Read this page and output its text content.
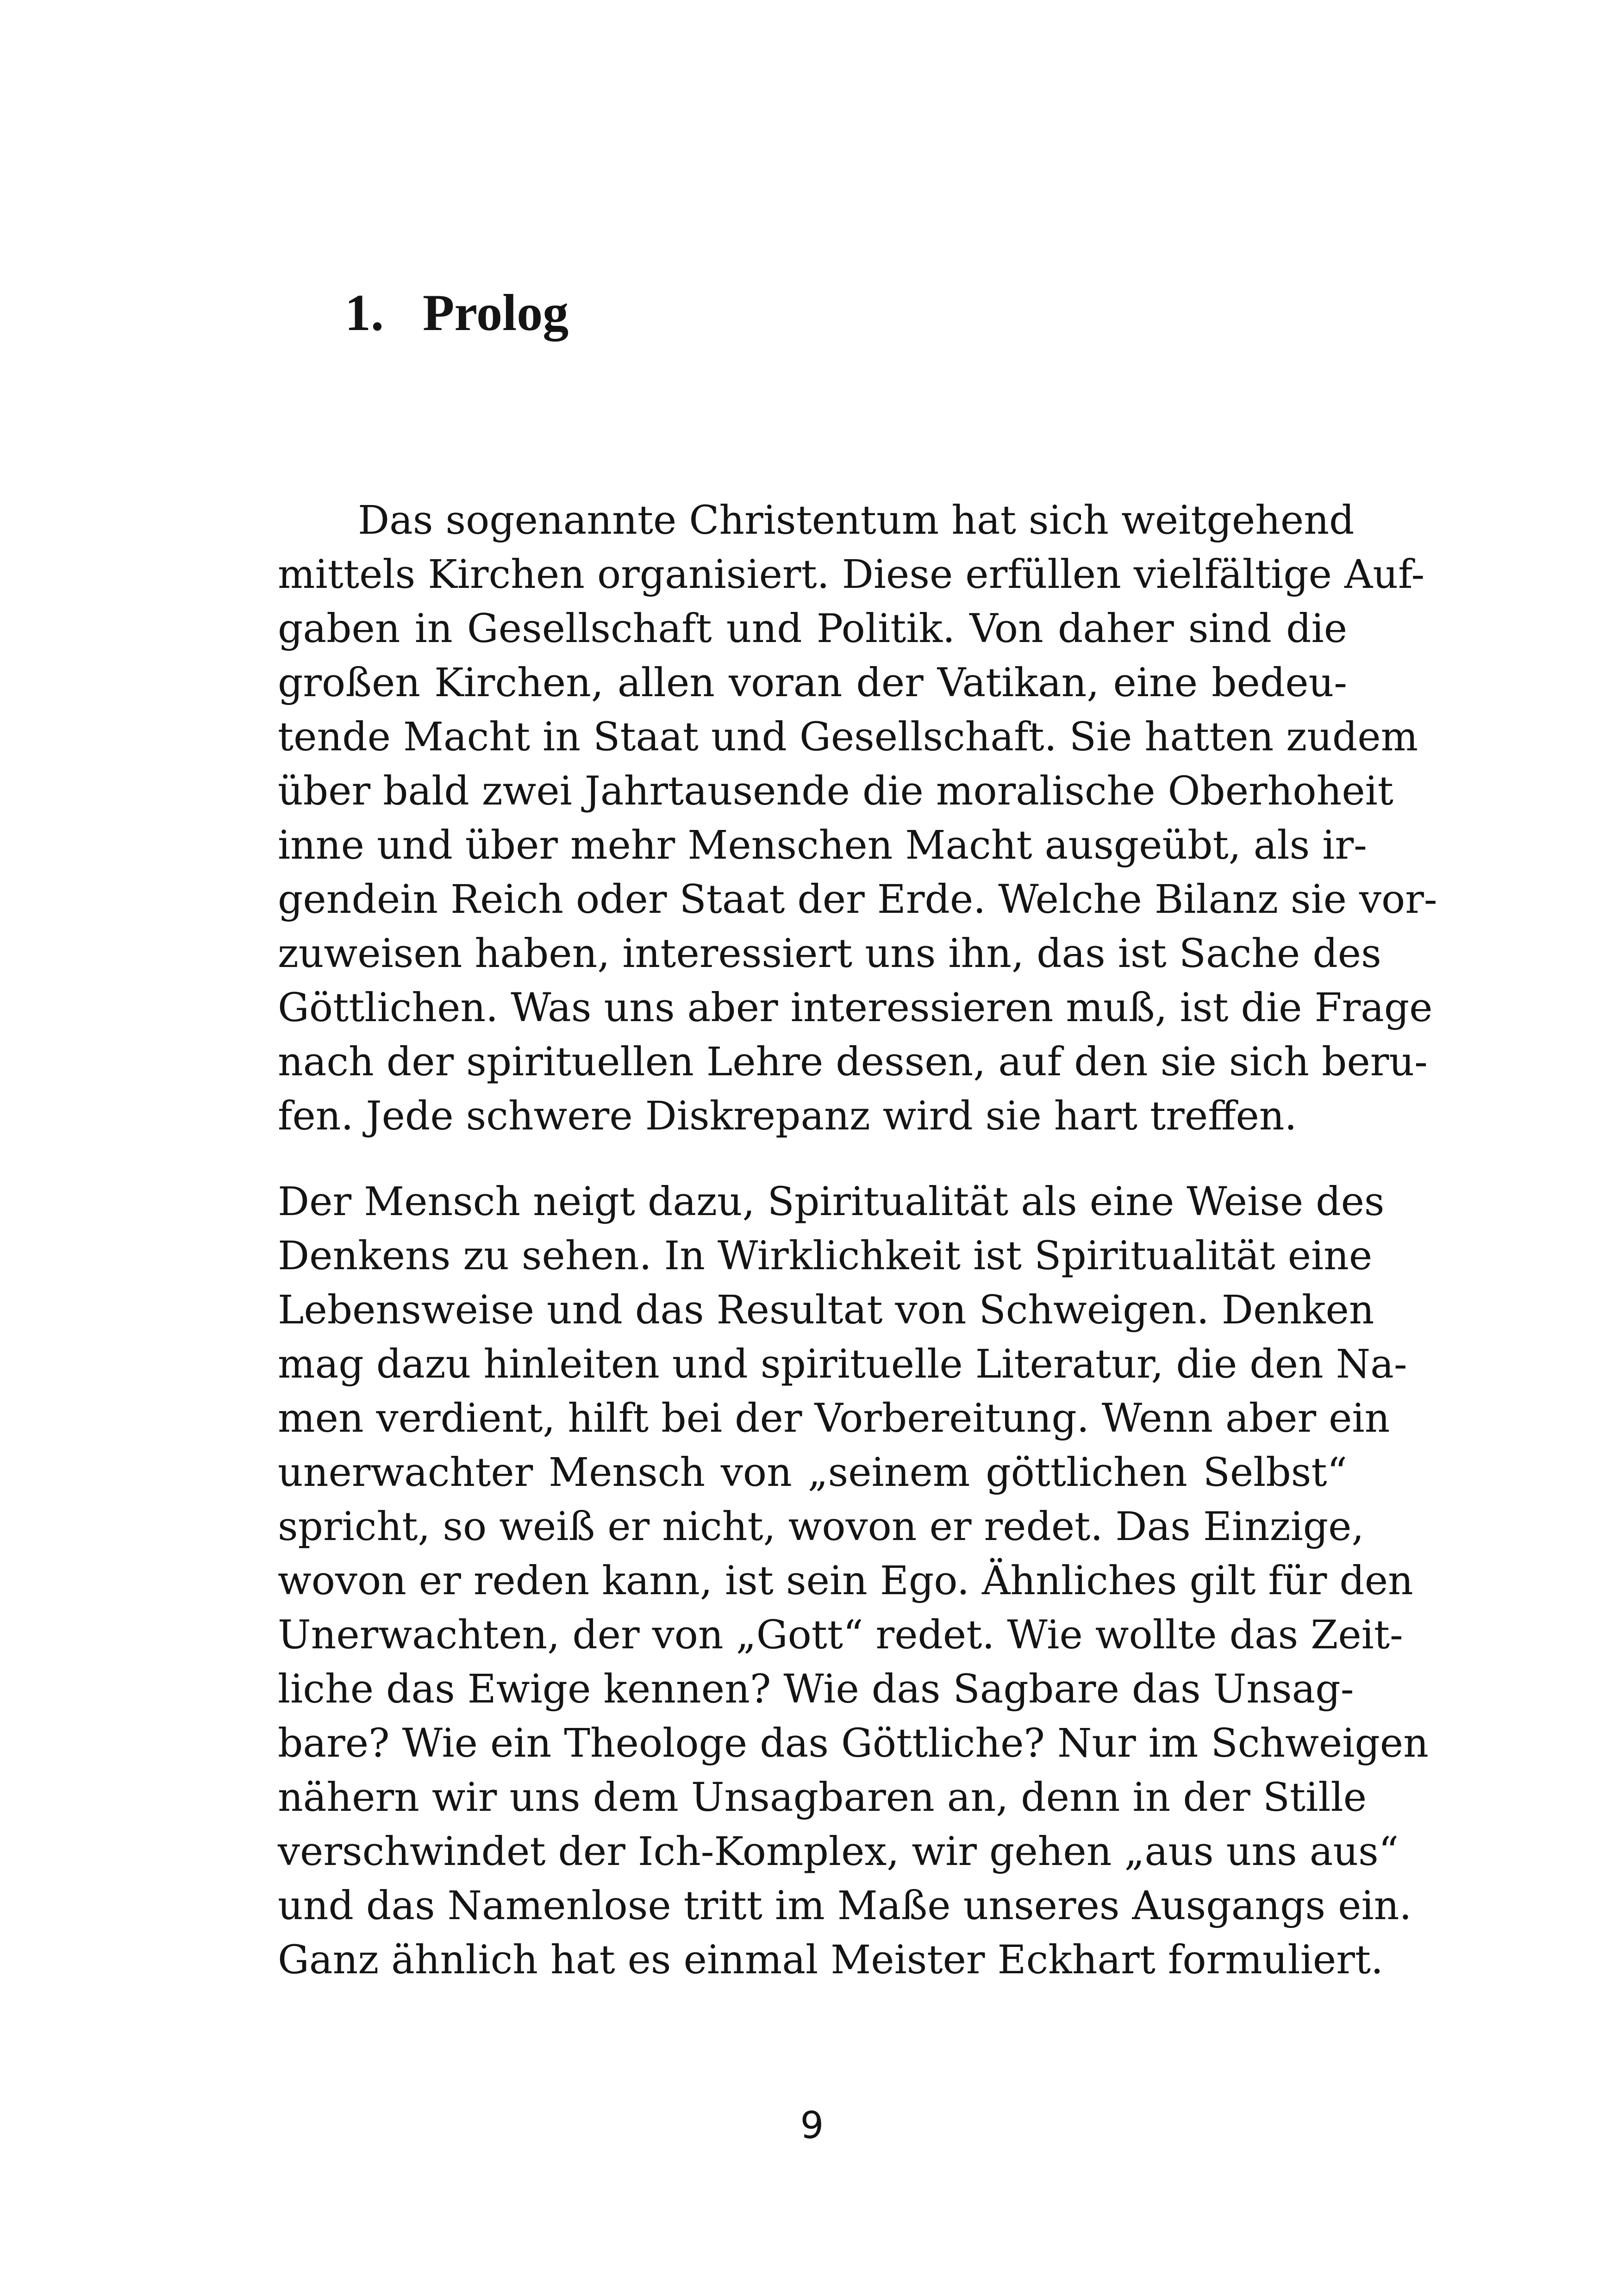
1. Prolog
Das sogenannte Christentum hat sich weitgehend
mittels Kirchen organisiert. Diese erfüllen vielfältige Auf-
gaben in Gesellschaft und Politik. Von daher sind die
großen Kirchen, allen voran der Vatikan, eine bedeu-
tende Macht in Staat und Gesellschaft. Sie hatten zudem
über bald zwei Jahrtausende die moralische Oberhoheit
inne und über mehr Menschen Macht ausgeübt, als ir-
gendein Reich oder Staat der Erde. Welche Bilanz sie vor-
zuweisen haben, interessiert uns ihn, das ist Sache des
Göttlichen. Was uns aber interessieren muß, ist die Frage
nach der spirituellen Lehre dessen, auf den sie sich beru-
fen. Jede schwere Diskrepanz wird sie hart treffen.
Der Mensch neigt dazu, Spiritualität als eine Weise des
Denkens zu sehen. In Wirklichkeit ist Spiritualität eine
Lebensweise und das Resultat von Schweigen. Denken
mag dazu hinleiten und spirituelle Literatur, die den Na-
men verdient, hilft bei der Vorbereitung. Wenn aber ein
unerwachter Mensch von „seinem göttlichen Selbst“
spricht, so weiß er nicht, wovon er redet. Das Einzige,
wovon er reden kann, ist sein Ego. Ähnliches gilt für den
Unerwachten, der von „Gott“ redet. Wie wollte das Zeit-
liche das Ewige kennen? Wie das Sagbare das Unsag-
bare? Wie ein Theologe das Göttliche? Nur im Schweigen
nähern wir uns dem Unsagbaren an, denn in der Stille
verschwindet der Ich-Komplex, wir gehen „aus uns aus“
und das Namenlose tritt im Maße unseres Ausgangs ein.
Ganz ähnlich hat es einmal Meister Eckhart formuliert.
9
